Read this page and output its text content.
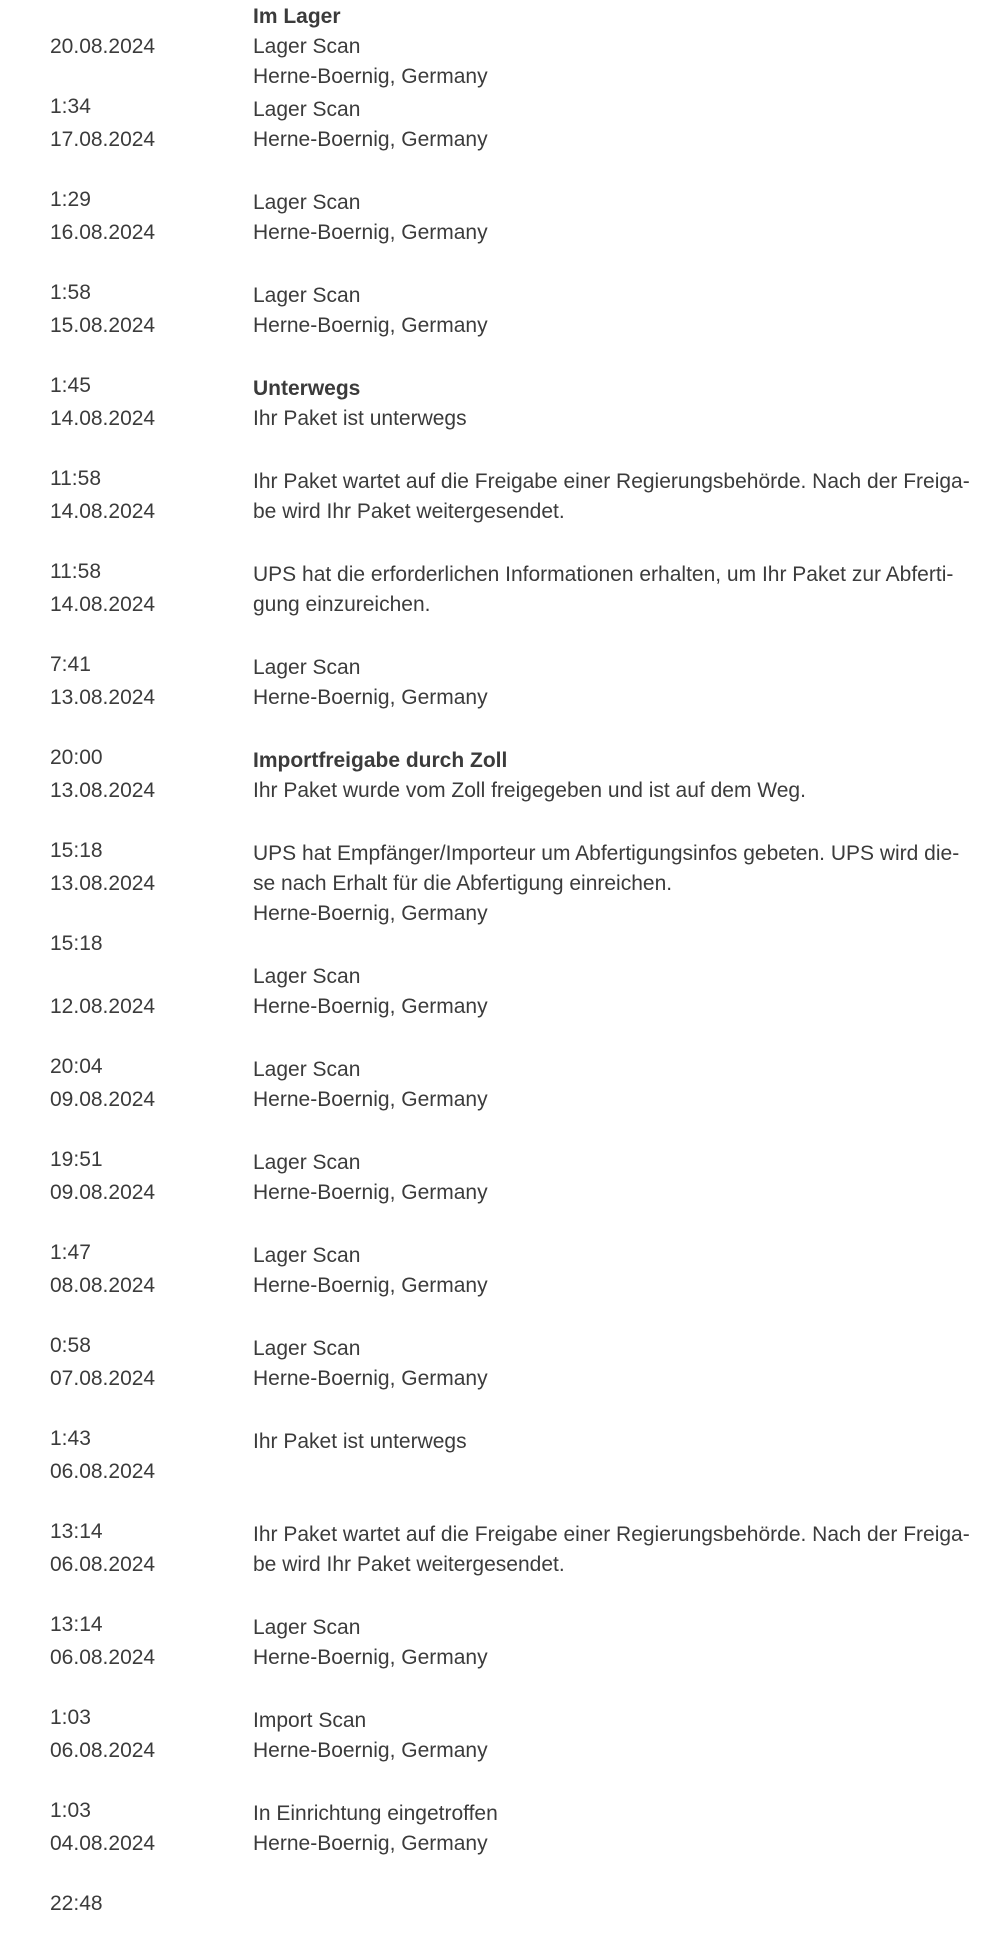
20.08.2024

1:34

Im Lager
Lager Scan
Herne-Boernig, Germany

17.08.2024

1:29

Lager Scan
Herne-Boernig, Germany

16.08.2024

1:58

Lager Scan
Herne-Boernig, Germany

15.08.2024

1:45

Lager Scan
Herne-Boernig, Germany

14.08.2024

11:58

Unterwegs
Ihr Paket ist unterwegs

14.08.2024

11:58

Ihr Paket wartet auf die Freigabe einer Regierungsbehörde. Nach der Freiga-
be wird Ihr Paket weitergesendet.

14.08.2024

7:41

UPS hat die erforderlichen Informationen erhalten, um Ihr Paket zur Abferti-
gung einzureichen.

13.08.2024

20:00

Lager Scan
Herne-Boernig, Germany

13.08.2024

15:18

Importfreigabe durch Zoll
Ihr Paket wurde vom Zoll freigegeben und ist auf dem Weg.

13.08.2024

15:18

UPS hat Empfänger/Importeur um Abfertigungsinfos gebeten. UPS wird die-
se nach Erhalt für die Abfertigung einreichen.
Herne-Boernig, Germany

12.08.2024

20:04

Lager Scan
Herne-Boernig, Germany

09.08.2024

19:51

Lager Scan
Herne-Boernig, Germany

09.08.2024

1:47

Lager Scan
Herne-Boernig, Germany

08.08.2024

0:58

Lager Scan
Herne-Boernig, Germany

07.08.2024

1:43

Lager Scan
Herne-Boernig, Germany

06.08.2024

13:14

Ihr Paket ist unterwegs

06.08.2024

13:14

Ihr Paket wartet auf die Freigabe einer Regierungsbehörde. Nach der Freiga-
be wird Ihr Paket weitergesendet.

06.08.2024

1:03

Lager Scan
Herne-Boernig, Germany

06.08.2024

1:03

Import Scan
Herne-Boernig, Germany

04.08.2024

22:48

In Einrichtung eingetroffen
Herne-Boernig, Germany
